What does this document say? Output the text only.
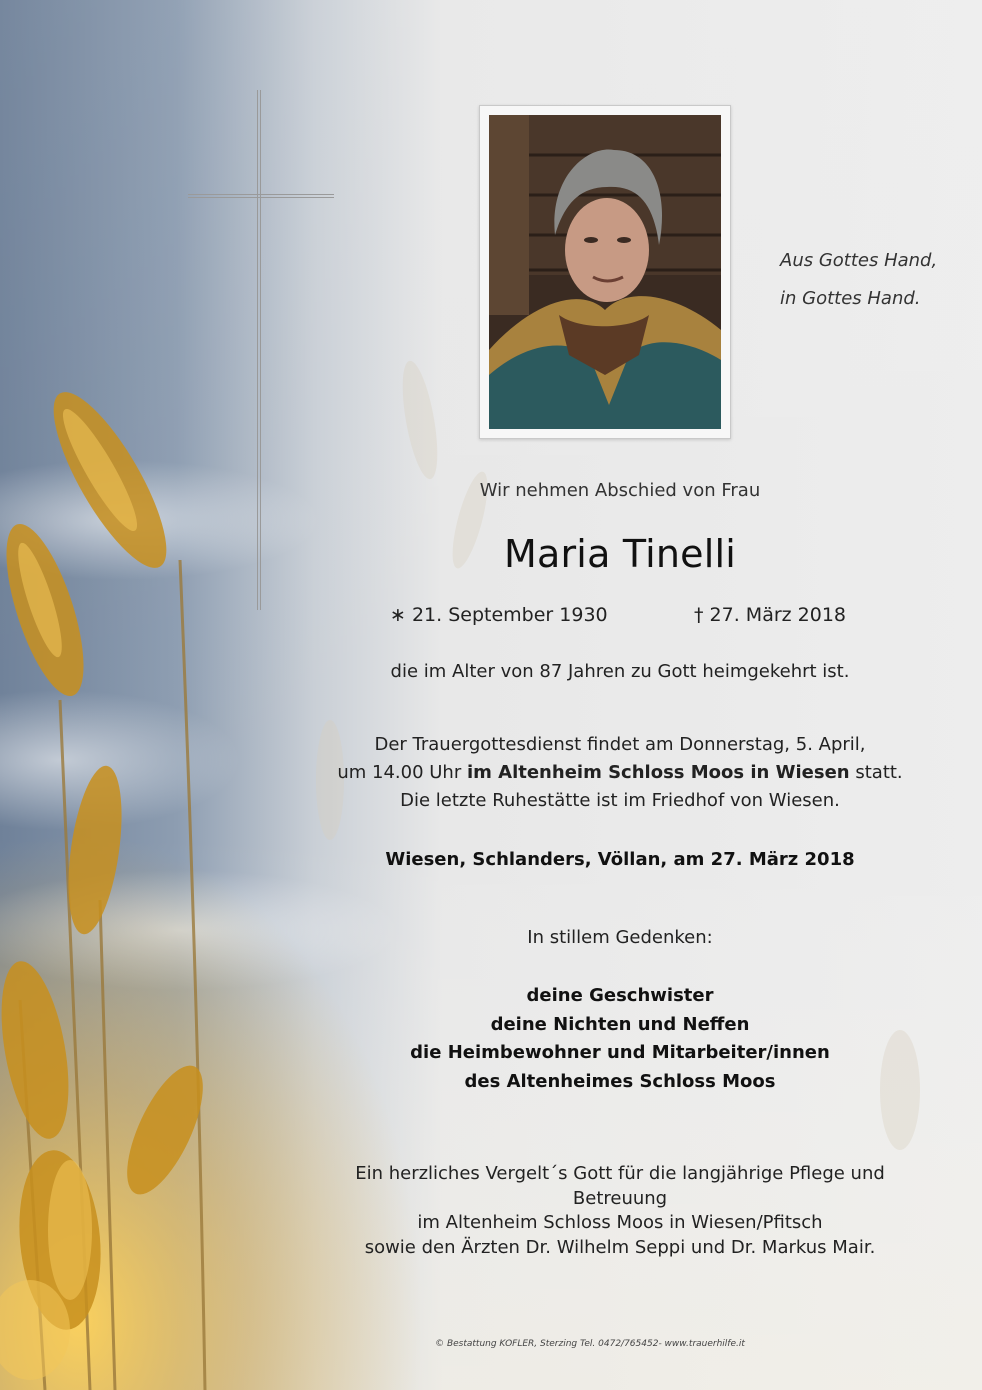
Aus Gottes Hand,
in Gottes Hand.
Wir nehmen Abschied von Frau
Maria Tinelli
∗ 21. September 1930	† 27. März 2018
die im Alter von 87 Jahren zu Gott heimgekehrt ist.
Der Trauergottesdienst findet am Donnerstag, 5. April,
um 14.00 Uhr im Altenheim Schloss Moos in Wiesen statt.
Die letzte Ruhestätte ist im Friedhof von Wiesen.
Wiesen, Schlanders, Völlan, am 27. März 2018
In stillem Gedenken:
deine Geschwister
deine Nichten und Neffen
die Heimbewohner und Mitarbeiter/innen
des Altenheimes Schloss Moos
Ein herzliches Vergelt´s Gott für die langjährige Pflege und Betreuung
im Altenheim Schloss Moos in Wiesen/Pfitsch
sowie den Ärzten Dr. Wilhelm Seppi und Dr. Markus Mair.
© Bestattung KOFLER, Sterzing Tel. 0472/765452- www.trauerhilfe.it
